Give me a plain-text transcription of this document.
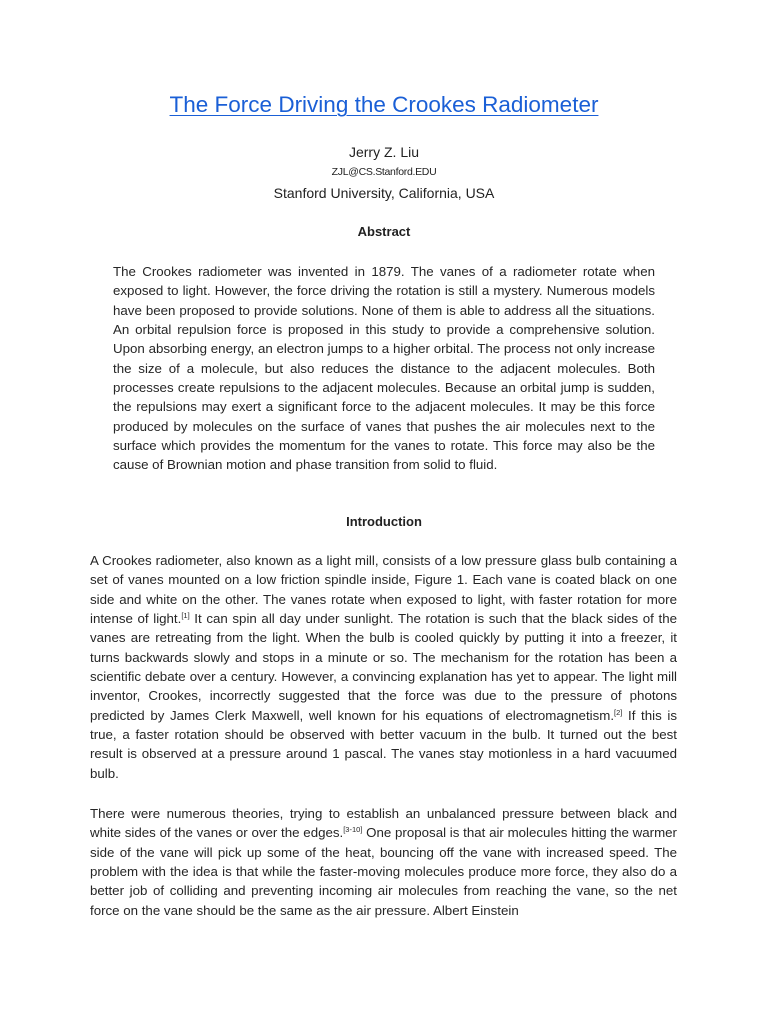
The Force Driving the Crookes Radiometer
Jerry Z. Liu
ZJL@CS.Stanford.EDU
Stanford University, California, USA
Abstract
The Crookes radiometer was invented in 1879. The vanes of a radiometer rotate when exposed to light. However, the force driving the rotation is still a mystery. Numerous models have been proposed to provide solutions. None of them is able to address all the situations. An orbital repulsion force is proposed in this study to provide a comprehensive solution. Upon absorbing energy, an electron jumps to a higher orbital. The process not only increase the size of a molecule, but also reduces the distance to the adjacent molecules. Both processes create repulsions to the adjacent molecules. Because an orbital jump is sudden, the repulsions may exert a significant force to the adjacent molecules. It may be this force produced by molecules on the surface of vanes that pushes the air molecules next to the surface which provides the momentum for the vanes to rotate. This force may also be the cause of Brownian motion and phase transition from solid to fluid.
Introduction
A Crookes radiometer, also known as a light mill, consists of a low pressure glass bulb containing a set of vanes mounted on a low friction spindle inside, Figure 1. Each vane is coated black on one side and white on the other. The vanes rotate when exposed to light, with faster rotation for more intense of light.[1] It can spin all day under sunlight. The rotation is such that the black sides of the vanes are retreating from the light. When the bulb is cooled quickly by putting it into a freezer, it turns backwards slowly and stops in a minute or so. The mechanism for the rotation has been a scientific debate over a century. However, a convincing explanation has yet to appear. The light mill inventor, Crookes, incorrectly suggested that the force was due to the pressure of photons predicted by James Clerk Maxwell, well known for his equations of electromagnetism.[2] If this is true, a faster rotation should be observed with better vacuum in the bulb. It turned out the best result is observed at a pressure around 1 pascal. The vanes stay motionless in a hard vacuumed bulb.
There were numerous theories, trying to establish an unbalanced pressure between black and white sides of the vanes or over the edges.[3-10] One proposal is that air molecules hitting the warmer side of the vane will pick up some of the heat, bouncing off the vane with increased speed. The problem with the idea is that while the faster-moving molecules produce more force, they also do a better job of colliding and preventing incoming air molecules from reaching the vane, so the net force on the vane should be the same as the air pressure. Albert Einstein
